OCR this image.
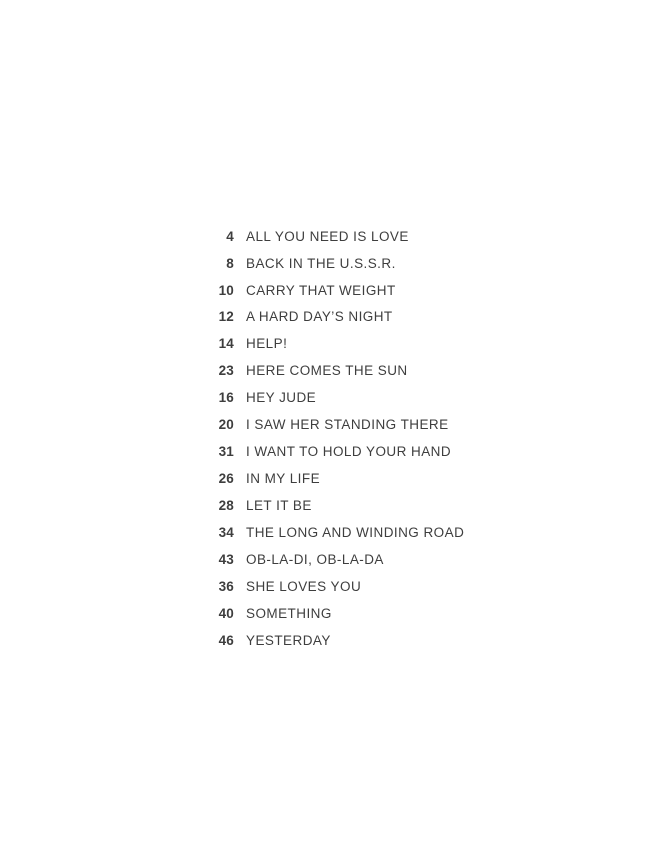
4 ALL YOU NEED IS LOVE
8 BACK IN THE U.S.S.R.
10 CARRY THAT WEIGHT
12 A HARD DAY’S NIGHT
14 HELP!
23 HERE COMES THE SUN
16 HEY JUDE
20 I SAW HER STANDING THERE
31 I WANT TO HOLD YOUR HAND
26 IN MY LIFE
28 LET IT BE
34 THE LONG AND WINDING ROAD
43 OB-LA-DI, OB-LA-DA
36 SHE LOVES YOU
40 SOMETHING
46 YESTERDAY
